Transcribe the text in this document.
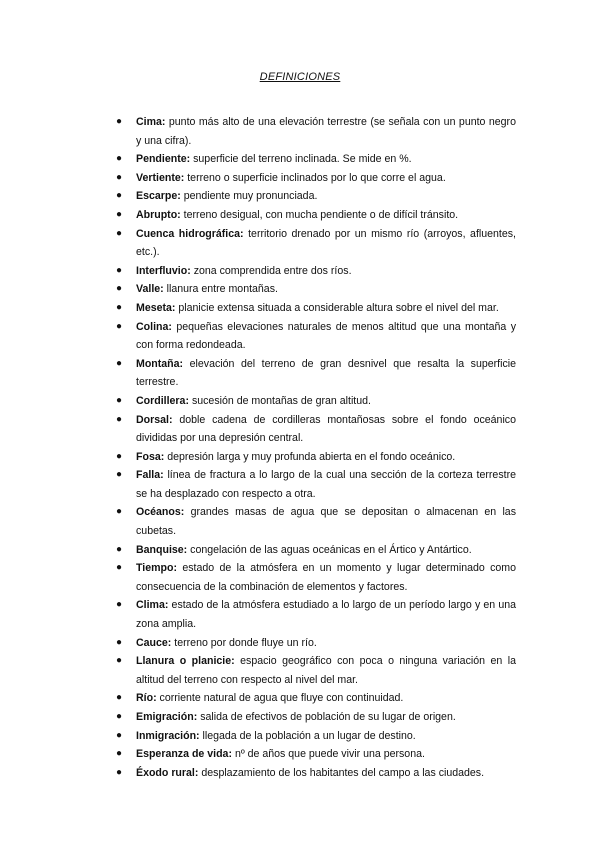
DEFINICIONES
● Cima: punto más alto de una elevación terrestre (se señala con un punto negro y una cifra).
● Pendiente: superficie del terreno inclinada. Se mide en %.
● Vertiente: terreno o superficie inclinados por lo que corre el agua.
● Escarpe: pendiente muy pronunciada.
● Abrupto: terreno desigual, con mucha pendiente o de difícil tránsito.
● Cuenca hidrográfica: territorio drenado por un mismo río (arroyos, afluentes, etc.).
● Interfluvio: zona comprendida entre dos ríos.
● Valle: llanura entre montañas.
● Meseta: planicie extensa situada a considerable altura sobre el nivel del mar.
● Colina: pequeñas elevaciones naturales de menos altitud que una montaña y con forma redondeada.
● Montaña: elevación del terreno de gran desnivel que resalta la superficie terrestre.
● Cordillera: sucesión de montañas de gran altitud.
● Dorsal: doble cadena de cordilleras montañosas sobre el fondo oceánico divididas por una depresión central.
● Fosa: depresión larga y muy profunda abierta en el fondo oceánico.
● Falla: línea de fractura a lo largo de la cual una sección de la corteza terrestre se ha desplazado con respecto a otra.
● Océanos: grandes masas de agua que se depositan o almacenan en las cubetas.
● Banquise: congelación de las aguas oceánicas en el Ártico y Antártico.
● Tiempo: estado de la atmósfera en un momento y lugar determinado como consecuencia de la combinación de elementos y factores.
● Clima: estado de la atmósfera estudiado a lo largo de un período largo y en una zona amplia.
● Cauce: terreno por donde fluye un río.
● Llanura o planicie: espacio geográfico con poca o ninguna variación en la altitud del terreno con respecto al nivel del mar.
● Río: corriente natural de agua que fluye con continuidad.
● Emigración: salida de efectivos de población de su lugar de origen.
● Inmigración: llegada de la población a un lugar de destino.
● Esperanza de vida: nº de años que puede vivir una persona.
● Éxodo rural: desplazamiento de los habitantes del campo a las ciudades.
